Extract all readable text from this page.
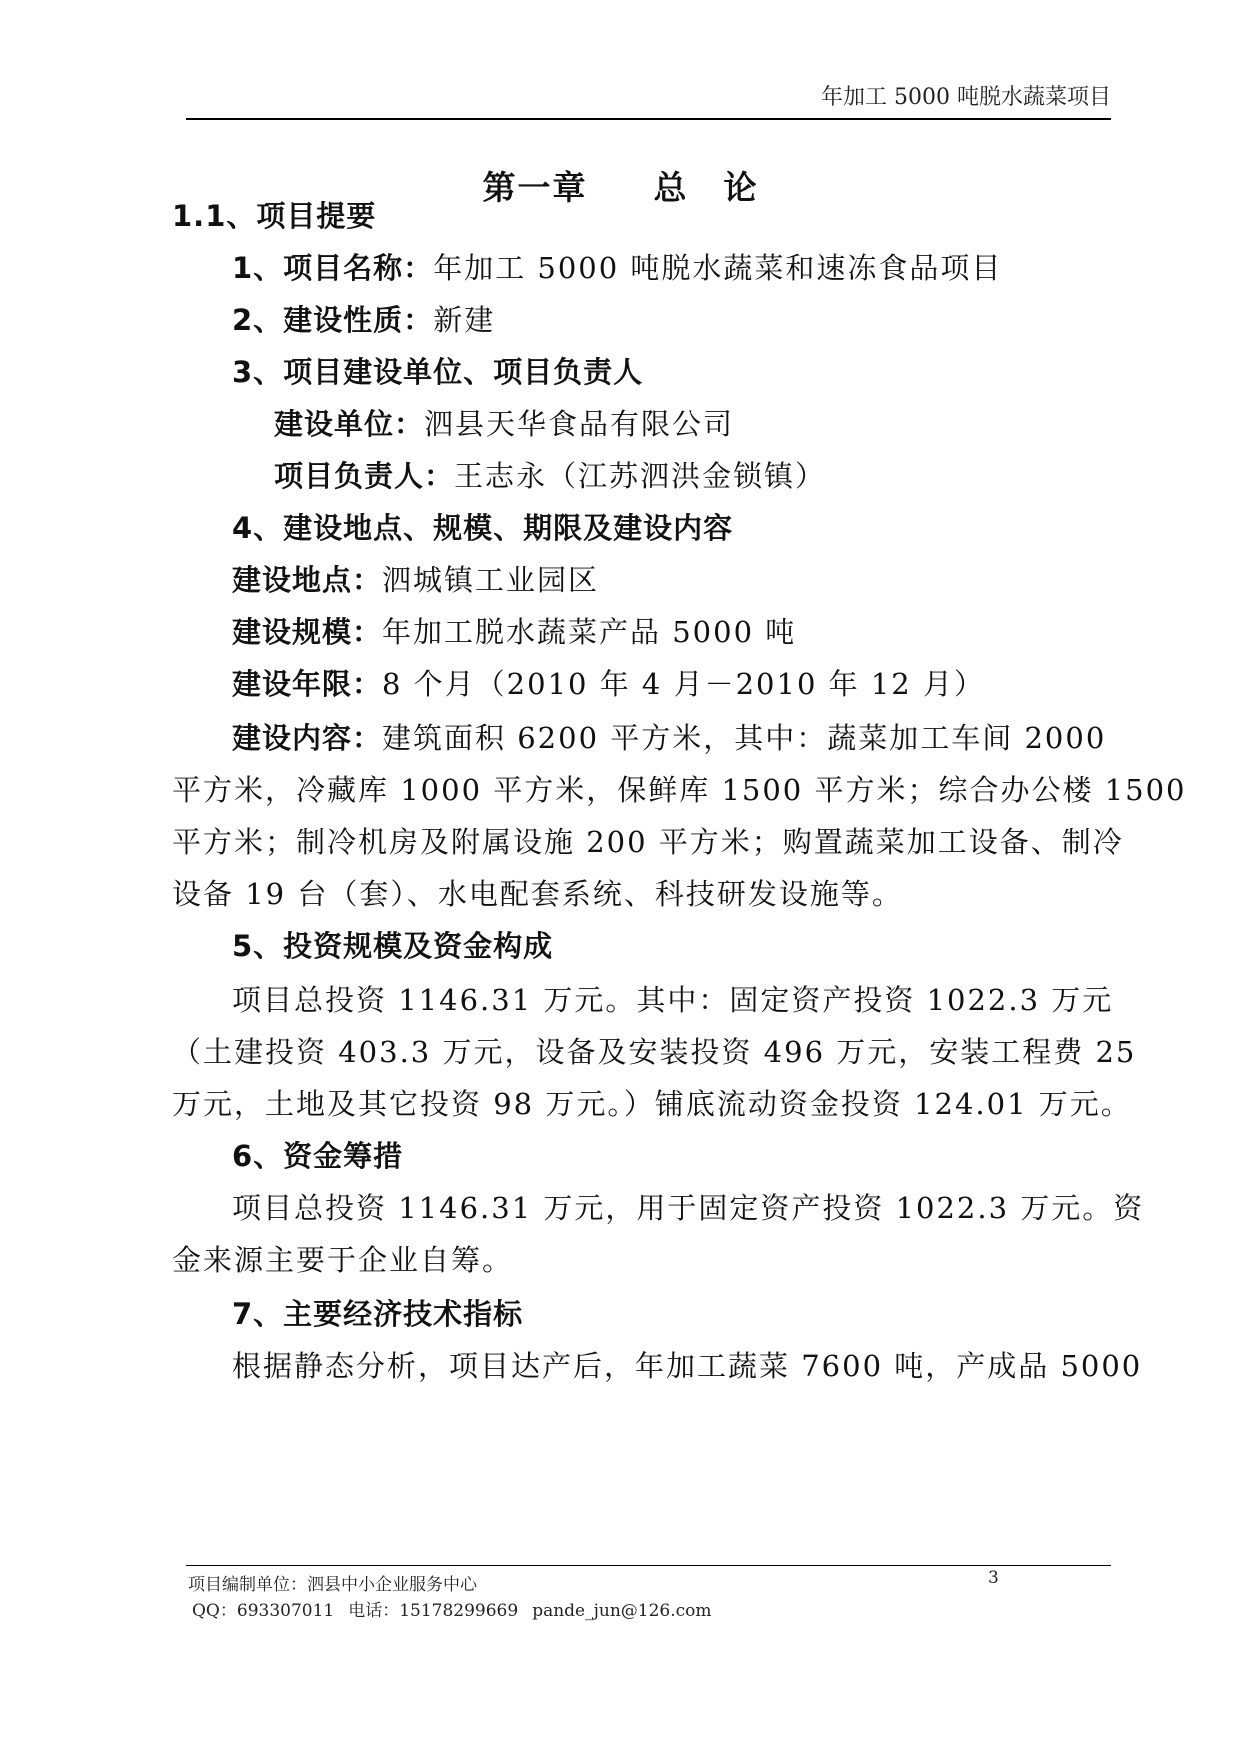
年加工 5000 吨脱水蔬菜项目
第一章 总　论
1.1、项目提要
1、项目名称：年加工 5000 吨脱水蔬菜和速冻食品项目
2、建设性质：新建
3、项目建设单位、项目负责人
建设单位：泗县天华食品有限公司
项目负责人：王志永（江苏泗洪金锁镇）
4、建设地点、规模、期限及建设内容
建设地点：泗城镇工业园区
建设规模：年加工脱水蔬菜产品 5000 吨
建设年限：8 个月（2010 年 4 月－2010 年 12 月）
建设内容：建筑面积 6200 平方米，其中：蔬菜加工车间 2000
平方米，冷藏库 1000 平方米，保鲜库 1500 平方米；综合办公楼 1500
平方米；制冷机房及附属设施 200 平方米；购置蔬菜加工设备、制冷
设备 19 台（套）、水电配套系统、科技研发设施等。
5、投资规模及资金构成
项目总投资 1146.31 万元。其中：固定资产投资 1022.3 万元
（土建投资 403.3 万元，设备及安装投资 496 万元，安装工程费 25
万元，土地及其它投资 98 万元。）铺底流动资金投资 124.01 万元。
6、资金筹措
项目总投资 1146.31 万元，用于固定资产投资 1022.3 万元。资
金来源主要于企业自筹。
7、主要经济技术指标
根据静态分析，项目达产后，年加工蔬菜 7600 吨，产成品 5000
项目编制单位：泗县中小企业服务中心	3
QQ：693307011 电话：15178299669 pande_jun@126.com
